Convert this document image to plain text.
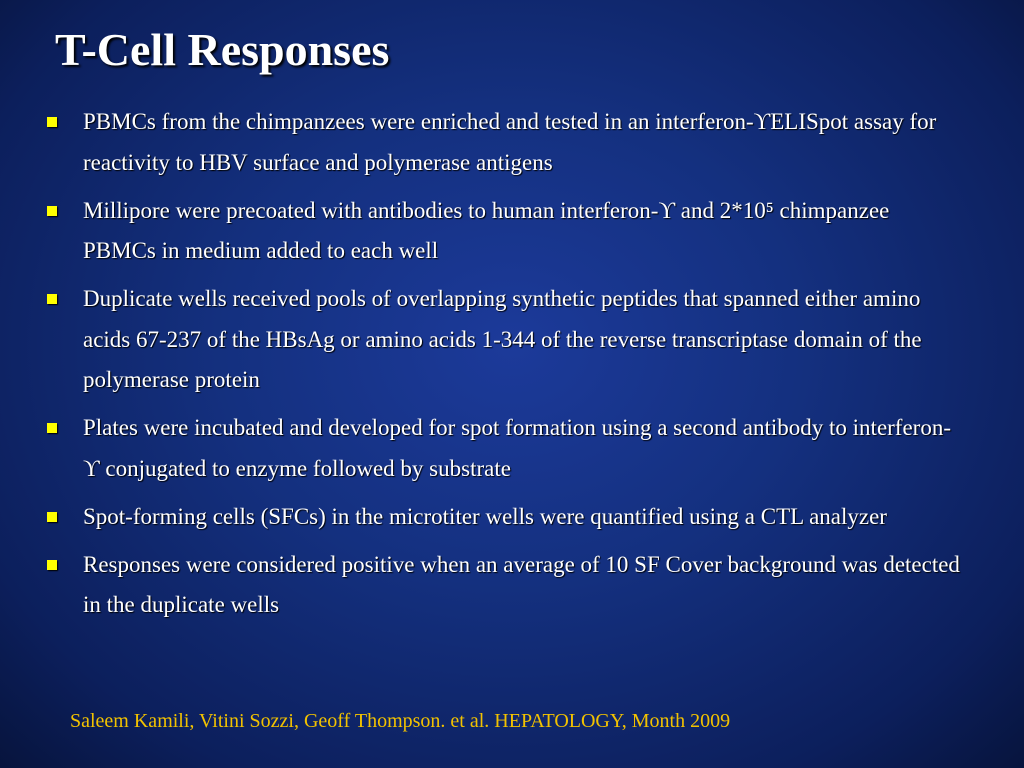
T-Cell Responses
PBMCs from the chimpanzees were enriched and tested in an interferon-ϒELISpot assay for reactivity to HBV surface and polymerase antigens
Millipore were precoated with antibodies to human interferon-ϒ and 2*10⁵ chimpanzee PBMCs in medium added to each well
Duplicate wells received pools of overlapping synthetic peptides that spanned either amino acids 67-237 of the HBsAg or amino acids 1-344 of the reverse transcriptase domain of the polymerase protein
Plates were incubated and developed for spot formation using a second antibody to interferon-ϒ conjugated to enzyme followed by substrate
Spot-forming cells (SFCs) in the microtiter wells were quantified using a CTL analyzer
Responses were considered positive when an average of 10 SF Cover background was detected in the duplicate wells
Saleem Kamili, Vitini Sozzi, Geoff Thompson. et al. HEPATOLOGY, Month 2009
